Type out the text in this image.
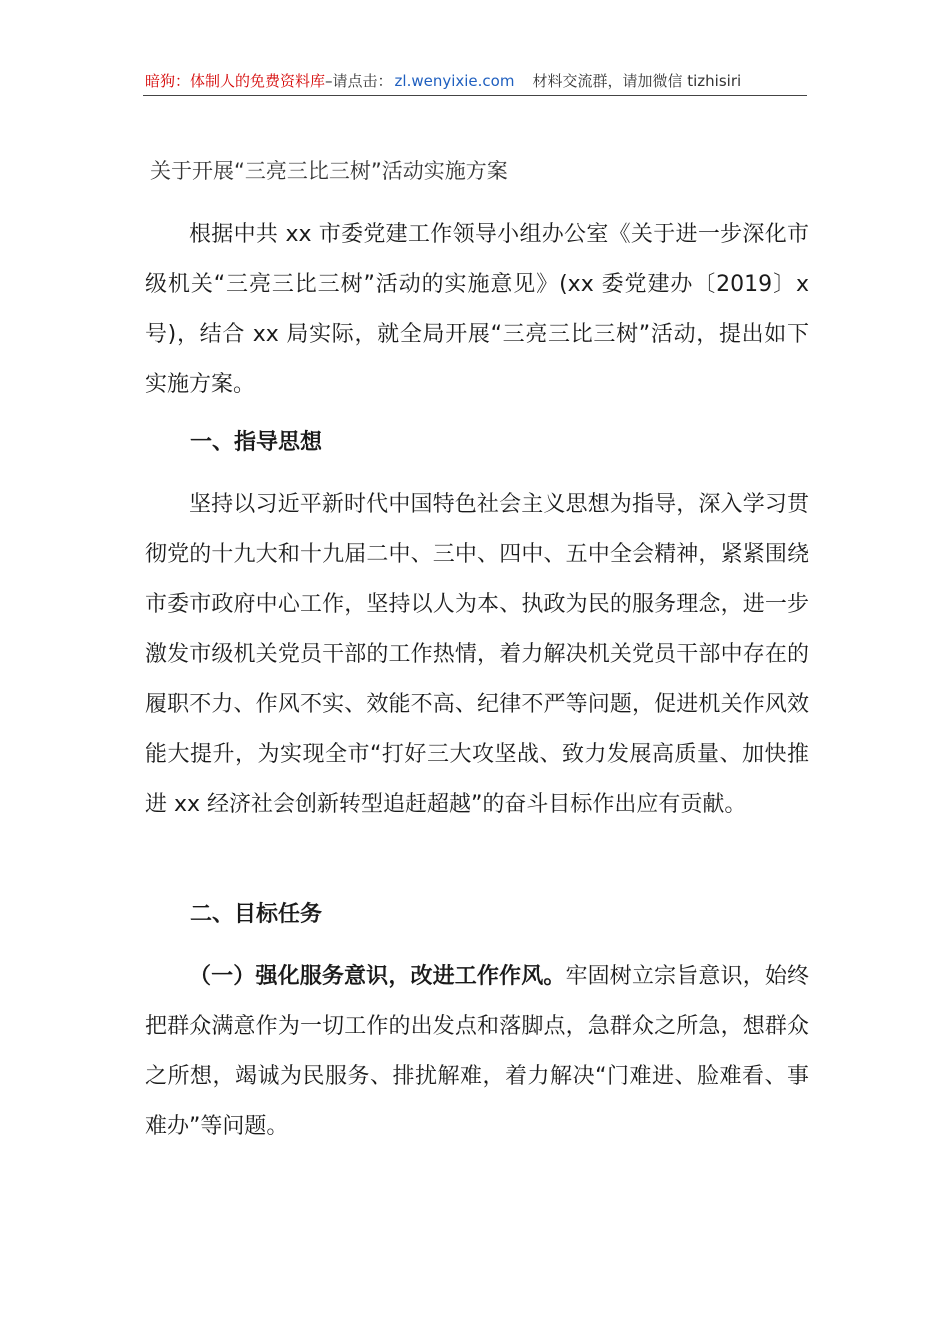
暗狗：体制人的免费资料库–请点击： zl.wenyixie.com 材料交流群，请加微信 tizhisiri
关于开展“三亮三比三树”活动实施方案

根据中共 xx 市委党建工作领导小组办公室《关于进一步深化市级机关“三亮三比三树”活动的实施意见》(xx 委党建办〔2019〕x 号)，结合 xx 局实际，就全局开展“三亮三比三树”活动，提出如下实施方案。

一、指导思想

坚持以习近平新时代中国特色社会主义思想为指导，深入学习贯彻党的十九大和十九届二中、三中、四中、五中全会精神，紧紧围绕市委市政府中心工作，坚持以人为本、执政为民的服务理念，进一步激发市级机关党员干部的工作热情，着力解决机关党员干部中存在的履职不力、作风不实、效能不高、纪律不严等问题，促进机关作风效能大提升，为实现全市“打好三大攻坚战、致力发展高质量、加快推进 xx 经济社会创新转型追赶超越”的奋斗目标作出应有贡献。

二、目标任务

（一）强化服务意识，改进工作作风。牢固树立宗旨意识，始终把群众满意作为一切工作的出发点和落脚点，急群众之所急，想群众之所想，竭诚为民服务、排扰解难，着力解决“门难进、脸难看、事难办”等问题。
